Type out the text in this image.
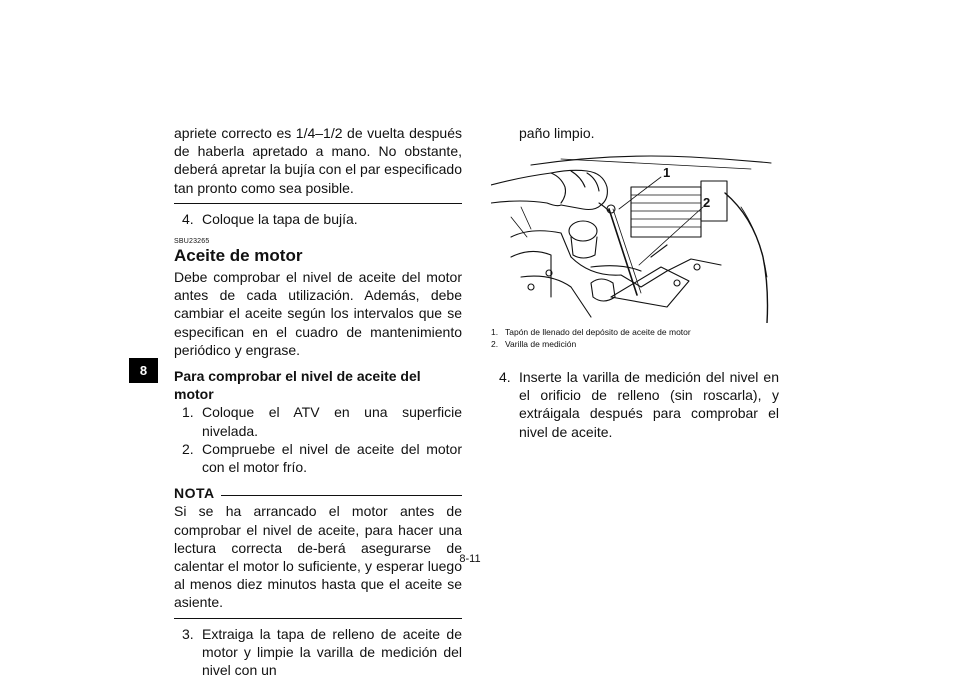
8

apriete correcto es 1/4–1/2 de vuelta después de haberla apretado a mano. No obstante, deberá apretar la bujía con el par especificado tan pronto como sea posible.

4. Coloque la tapa de bujía.
SBU23265
Aceite de motor

Debe comprobar el nivel de aceite del motor antes de cada utilización. Además, debe cambiar el aceite según los intervalos que se especifican en el cuadro de mantenimiento periódico y engrase.

Para comprobar el nivel de aceite del motor

1. Coloque el ATV en una superficie nivelada.
2. Compruebe el nivel de aceite del motor con el motor frío.
NOTA

Si se ha arrancado el motor antes de comprobar el nivel de aceite, para hacer una lectura correcta de-berá asegurarse de calentar el motor lo suficiente, y esperar luego al menos diez minutos hasta que el aceite se asiente.

3. Extraiga la tapa de relleno de aceite de motor y limpie la varilla de medición del nivel con un
paño limpio.
1
2
1. Tapón de llenado del depósito de aceite de motor
2. Varilla de medición
4. Inserte la varilla de medición del nivel en el orificio de relleno (sin roscarla), y extráigala después para comprobar el nivel de aceite.
8-11
